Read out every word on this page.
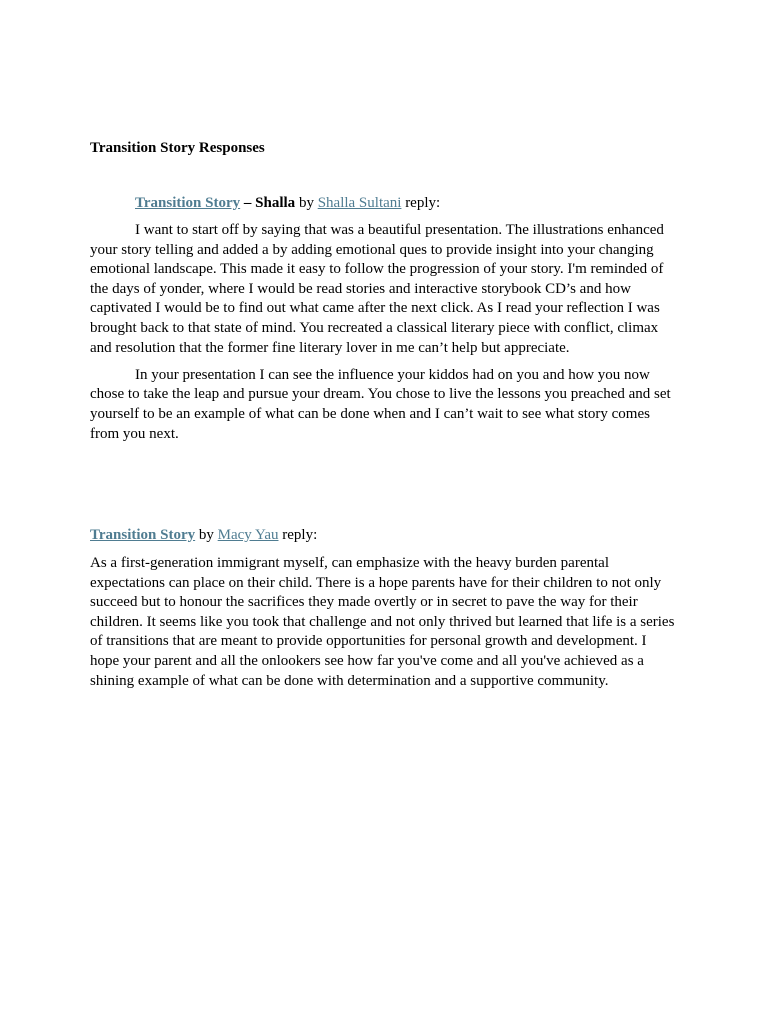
Transition Story Responses

Transition Story – Shalla by Shalla Sultani reply:

I want to start off by saying that was a beautiful presentation. The illustrations enhanced your story telling and added a by adding emotional ques to provide insight into your changing emotional landscape. This made it easy to follow the progression of your story. I'm reminded of the days of yonder, where I would be read stories and interactive storybook CD’s and how captivated I would be to find out what came after the next click. As I read your reflection I was brought back to that state of mind. You recreated a classical literary piece with conflict, climax and resolution that the former fine literary lover in me can’t help but appreciate.

In your presentation I can see the influence your kiddos had on you and how you now chose to take the leap and pursue your dream. You chose to live the lessons you preached and set yourself to be an example of what can be done when and I can’t wait to see what story comes from you next.

Transition Story by Macy Yau reply:

As a first-generation immigrant myself, can emphasize with the heavy burden parental expectations can place on their child. There is a hope parents have for their children to not only succeed but to honour the sacrifices they made overtly or in secret to pave the way for their children. It seems like you took that challenge and not only thrived but learned that life is a series of transitions that are meant to provide opportunities for personal growth and development. I hope your parent and all the onlookers see how far you've come and all you've achieved as a shining example of what can be done with determination and a supportive community.
